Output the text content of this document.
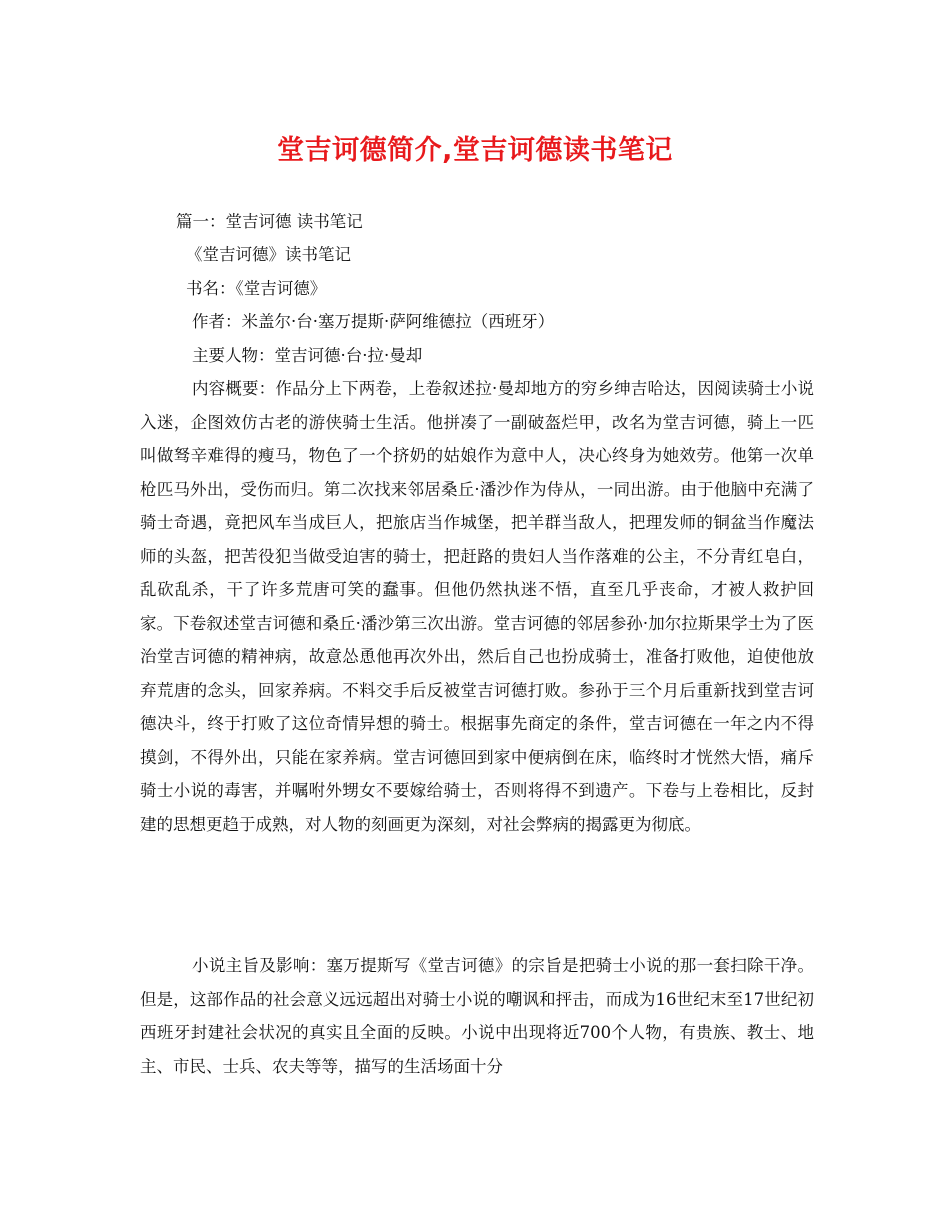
堂吉诃德简介,堂吉诃德读书笔记

篇一：堂吉诃德 读书笔记

《堂吉诃德》读书笔记

书名：《堂吉诃德》

作者：米盖尔·台·塞万提斯·萨阿维德拉（西班牙）

主要人物：堂吉诃德·台·拉·曼却

内容概要：作品分上下两卷，上卷叙述拉·曼却地方的穷乡绅吉哈达，因阅读骑士小说入迷，企图效仿古老的游侠骑士生活。他拼凑了一副破盔烂甲，改名为堂吉诃德，骑上一匹叫做驽辛难得的瘦马，物色了一个挤奶的姑娘作为意中人，决心终身为她效劳。他第一次单枪匹马外出，受伤而归。第二次找来邻居桑丘·潘沙作为侍从，一同出游。由于他脑中充满了骑士奇遇，竟把风车当成巨人，把旅店当作城堡，把羊群当敌人，把理发师的铜盆当作魔法师的头盔，把苦役犯当做受迫害的骑士，把赶路的贵妇人当作落难的公主，不分青红皂白，乱砍乱杀，干了许多荒唐可笑的蠢事。但他仍然执迷不悟，直至几乎丧命，才被人救护回家。下卷叙述堂吉诃德和桑丘·潘沙第三次出游。堂吉诃德的邻居参孙·加尔拉斯果学士为了医治堂吉诃德的精神病，故意怂恿他再次外出，然后自己也扮成骑士，准备打败他，迫使他放弃荒唐的念头，回家养病。不料交手后反被堂吉诃德打败。参孙于三个月后重新找到堂吉诃德决斗，终于打败了这位奇情异想的骑士。根据事先商定的条件，堂吉诃德在一年之内不得摸剑，不得外出，只能在家养病。堂吉诃德回到家中便病倒在床，临终时才恍然大悟，痛斥骑士小说的毒害，并嘱咐外甥女不要嫁给骑士，否则将得不到遗产。下卷与上卷相比，反封建的思想更趋于成熟，对人物的刻画更为深刻，对社会弊病的揭露更为彻底。

小说主旨及影响：塞万提斯写《堂吉诃德》的宗旨是把骑士小说的那一套扫除干净。但是，这部作品的社会意义远远超出对骑士小说的嘲讽和抨击，而成为16世纪末至17世纪初西班牙封建社会状况的真实且全面的反映。小说中出现将近700个人物，有贵族、教士、地主、市民、士兵、农夫等等，描写的生活场面十分
